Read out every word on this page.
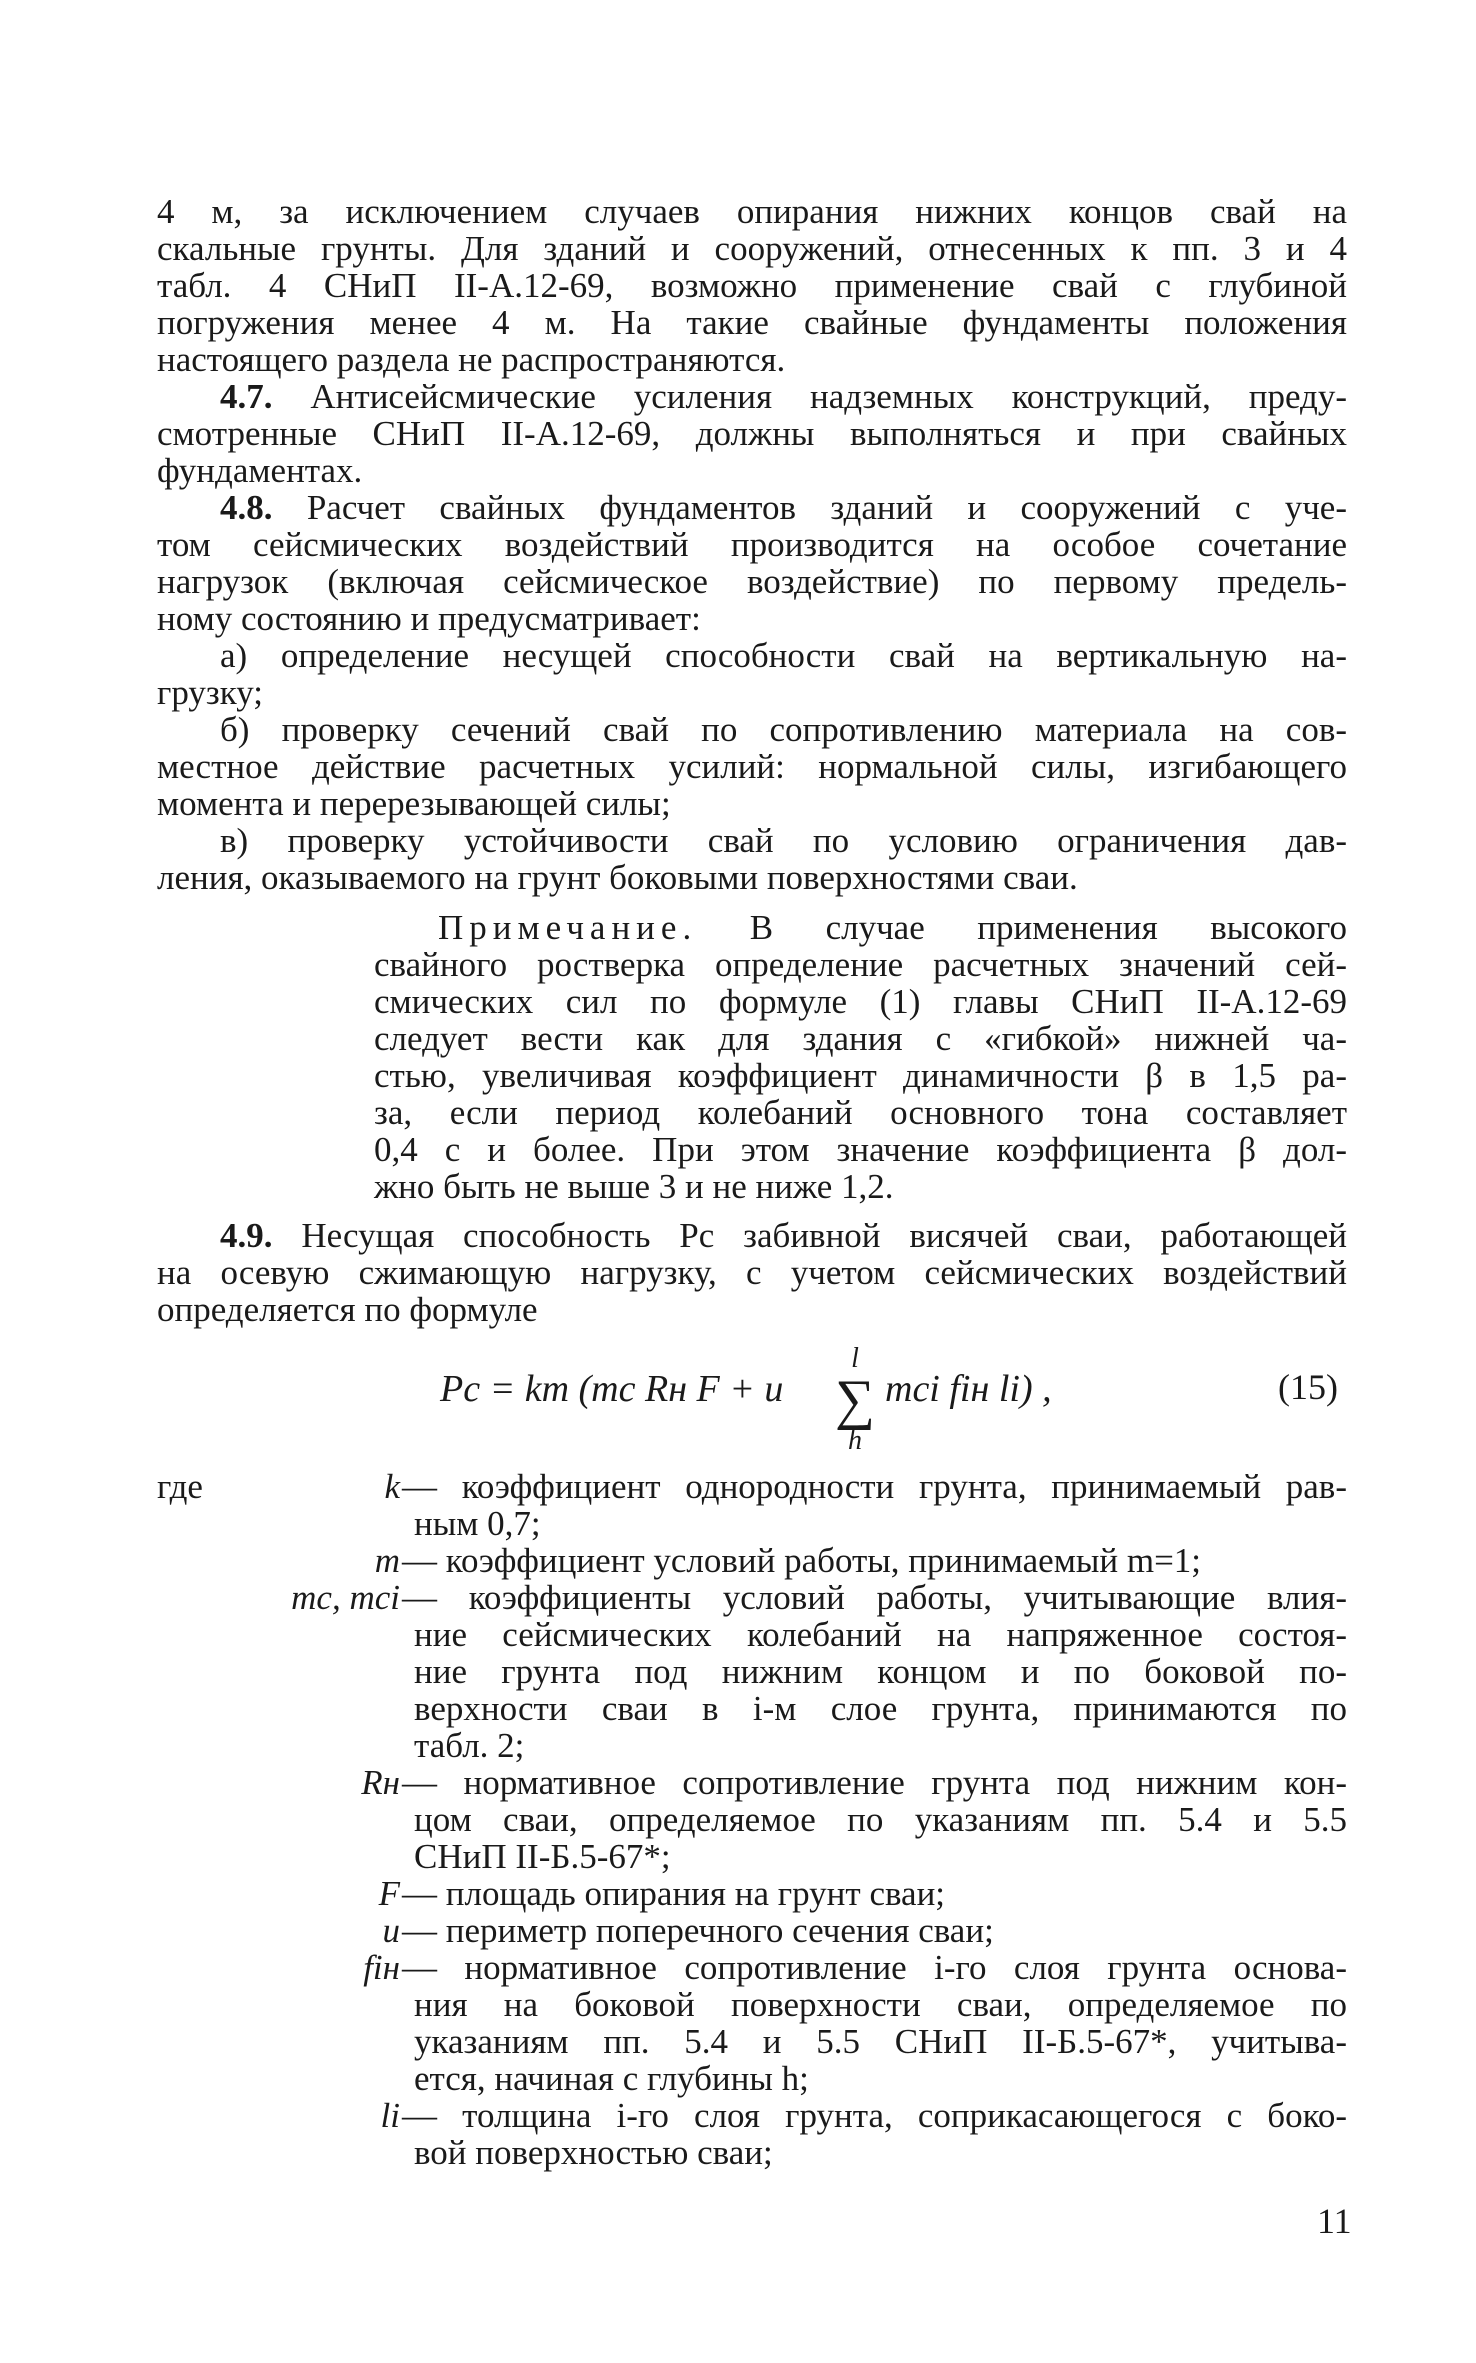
4 м, за исключением случаев опирания нижних концов свай на
скальные грунты. Для зданий и сооружений, отнесенных к пп. 3 и 4
табл. 4 СНиП II-А.12-69, возможно применение свай с глубиной
погружения менее 4 м. На такие свайные фундаменты положения
настоящего раздела не распространяются.
4.7. Антисейсмические усиления надземных конструкций, преду-
смотренные СНиП II-А.12-69, должны выполняться и при свайных
фундаментах.
4.8. Расчет свайных фундаментов зданий и сооружений с уче-
том сейсмических воздействий производится на особое сочетание
нагрузок (включая сейсмическое воздействие) по первому предель-
ному состоянию и предусматривает:
а) определение несущей способности свай на вертикальную на-
грузку;
б) проверку сечений свай по сопротивлению материала на сов-
местное действие расчетных усилий: нормальной силы, изгибающего
момента и перерезывающей силы;
в) проверку устойчивости свай по условию ограничения дав-
ления, оказываемого на грунт боковыми поверхностями сваи.
Примечание. В случае применения высокого
свайного ростверка определение расчетных значений сей-
смических сил по формуле (1) главы СНиП II-А.12-69
следует вести как для здания с «гибкой» нижней ча-
стью, увеличивая коэффициент динамичности β в 1,5 ра-
за, если период колебаний основного тона составляет
0,4 с и более. При этом значение коэффициента β дол-
жно быть не выше 3 и не ниже 1,2.
4.9. Несущая способность Pc забивной висячей сваи, работающей
на осевую сжимающую нагрузку, с учетом сейсмических воздействий
определяется по формуле
Pc = km (mc Rн F + u
l
∑
h
mci fiн li) ,	(15)
где	k — коэффициент однородности грунта, принимаемый рав-
ным 0,7;
m — коэффициент условий работы, принимаемый m=1;
mc, mci — коэффициенты условий работы, учитывающие влия-
ние сейсмических колебаний на напряженное состоя-
ние грунта под нижним концом и по боковой по-
верхности сваи в i-м слое грунта, принимаются по
табл. 2;
Rн — нормативное сопротивление грунта под нижним кон-
цом сваи, определяемое по указаниям пп. 5.4 и 5.5
СНиП II-Б.5-67*;
F — площадь опирания на грунт сваи;
u — периметр поперечного сечения сваи;
fiн — нормативное сопротивление i-го слоя грунта основа-
ния на боковой поверхности сваи, определяемое по
указаниям пп. 5.4 и 5.5 СНиП II-Б.5-67*, учитыва-
ется, начиная с глубины h;
li — толщина i-го слоя грунта, соприкасающегося с боко-
вой поверхностью сваи;
11
